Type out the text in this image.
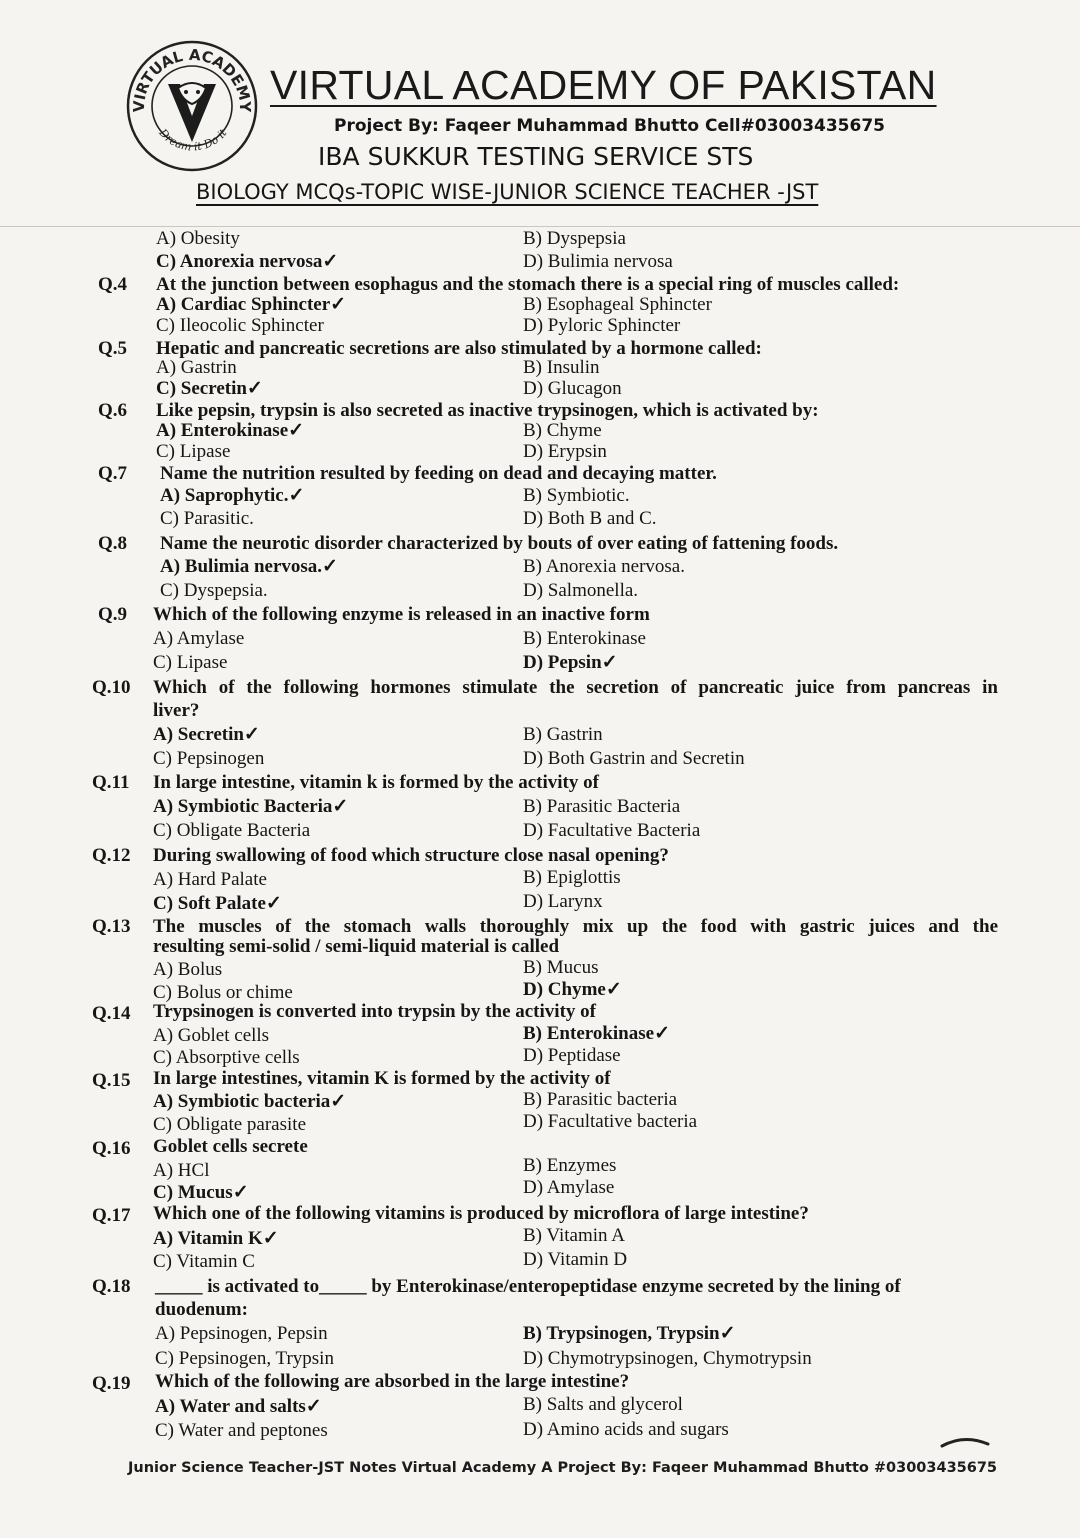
VIRTUAL ACADEMY
Dream it Do it
VIRTUAL ACADEMY OF PAKISTAN
Project By: Faqeer Muhammad Bhutto Cell#03003435675
IBA SUKKUR TESTING SERVICE STS
BIOLOGY MCQs-TOPIC WISE-JUNIOR SCIENCE TEACHER -JST
A) Obesity	B) Dyspepsia
C) Anorexia nervosa✓	D) Bulimia nervosa
Q.4 At the junction between esophagus and the stomach there is a special ring of muscles called:
A) Cardiac Sphincter✓	B) Esophageal Sphincter
C) Ileocolic Sphincter	D) Pyloric Sphincter
Q.5 Hepatic and pancreatic secretions are also stimulated by a hormone called:
A) Gastrin	B) Insulin
C) Secretin✓	D) Glucagon
Q.6 Like pepsin, trypsin is also secreted as inactive trypsinogen, which is activated by:
A) Enterokinase✓	B) Chyme
C) Lipase	D) Erypsin
Q.7 Name the nutrition resulted by feeding on dead and decaying matter.
A) Saprophytic.✓	B) Symbiotic.
C) Parasitic.	D) Both B and C.
Q.8 Name the neurotic disorder characterized by bouts of over eating of fattening foods.
A) Bulimia nervosa.✓	B) Anorexia nervosa.
C) Dyspepsia.	D) Salmonella.
Q.9 Which of the following enzyme is released in an inactive form
A) Amylase	B) Enterokinase
C) Lipase	D) Pepsin✓
Q.10 Which of the following hormones stimulate the secretion of pancreatic juice from pancreas in
liver?
A) Secretin✓	B) Gastrin
C) Pepsinogen	D) Both Gastrin and Secretin
Q.11 In large intestine, vitamin k is formed by the activity of
A) Symbiotic Bacteria✓	B) Parasitic Bacteria
C) Obligate Bacteria	D) Facultative Bacteria
Q.12 During swallowing of food which structure close nasal opening?
A) Hard Palate	B) Epiglottis
C) Soft Palate✓	D) Larynx
Q.13 The muscles of the stomach walls thoroughly mix up the food with gastric juices and the
resulting semi-solid / semi-liquid material is called
A) Bolus	B) Mucus
C) Bolus or chime	D) Chyme✓
Q.14 Trypsinogen is converted into trypsin by the activity of
A) Goblet cells	B) Enterokinase✓
C) Absorptive cells	D) Peptidase
Q.15 In large intestines, vitamin K is formed by the activity of
A) Symbiotic bacteria✓	B) Parasitic bacteria
C) Obligate parasite	D) Facultative bacteria
Q.16 Goblet cells secrete
A) HCl	B) Enzymes
C) Mucus✓	D) Amylase
Q.17 Which one of the following vitamins is produced by microflora of large intestine?
A) Vitamin K✓	B) Vitamin A
C) Vitamin C	D) Vitamin D
Q.18 _____ is activated to_____ by Enterokinase/enteropeptidase enzyme secreted by the lining of
duodenum:
A) Pepsinogen, Pepsin	B) Trypsinogen, Trypsin✓
C) Pepsinogen, Trypsin	D) Chymotrypsinogen, Chymotrypsin
Q.19 Which of the following are absorbed in the large intestine?
A) Water and salts✓	B) Salts and glycerol
C) Water and peptones	D) Amino acids and sugars
Junior Science Teacher-JST Notes Virtual Academy A Project By: Faqeer Muhammad Bhutto #03003435675
